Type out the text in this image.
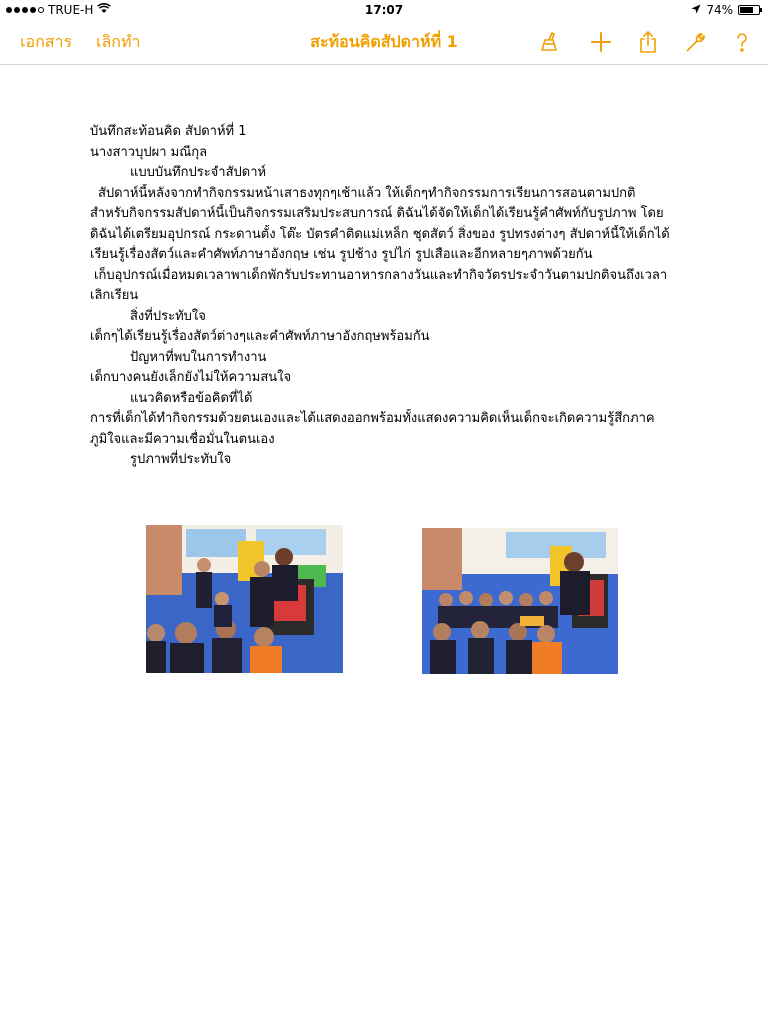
TRUE-H	17:07	74%
เอกสาร เลิกทำ	สะท้อนคิดสัปดาห์ที่ 1

บันทึกสะท้อนคิด สัปดาห์ที่ 1

นางสาวบุปผา มณีกุล

แบบบันทึกประจำสัปดาห์

สัปดาห์นี้หลังจากทำกิจกรรมหน้าเสาธงทุกๆเช้าแล้ว ให้เด็กๆทำกิจกรรมการเรียนการสอนตามปกติ

สำหรับกิจกรรมสัปดาห์นี้เป็นกิจกรรมเสริมประสบการณ์ ดิฉันได้จัดให้เด็กได้เรียนรู้คำศัพท์กับรูปภาพ โดย

ดิฉันได้เตรียมอุปกรณ์ กระดานตั้ง โต๊ะ บัตรคำติดแม่เหล็ก ชุดสัตว์ สิ่งของ รูปทรงต่างๆ สัปดาห์นี้ให้เด็กได้

เรียนรู้เรื่องสัตว์และคำศัพท์ภาษาอังกฤษ เช่น รูปช้าง รูปไก่ รูปเสือและอีกหลายๆภาพด้วยกัน

เก็บอุปกรณ์เมื่อหมดเวลาพาเด็กพักรับประทานอาหารกลางวันและทำกิจวัตรประจำวันตามปกติจนถึงเวลา

เลิกเรียน

สิ่งที่ประทับใจ

เด็กๆได้เรียนรู้เรื่องสัตว์ต่างๆและคำศัพท์ภาษาอังกฤษพร้อมกัน

ปัญหาที่พบในการทำงาน

เด็กบางคนยังเล็กยังไม่ให้ความสนใจ

แนวคิดหรือข้อคิดที่ได้

การที่เด็กได้ทำกิจกรรมด้วยตนเองและได้แสดงออกพร้อมทั้งแสดงความคิดเห็นเด็กจะเกิดความรู้สึกภาค

ภูมิใจและมีความเชื่อมั่นในตนเอง

รูปภาพที่ประทับใจ
